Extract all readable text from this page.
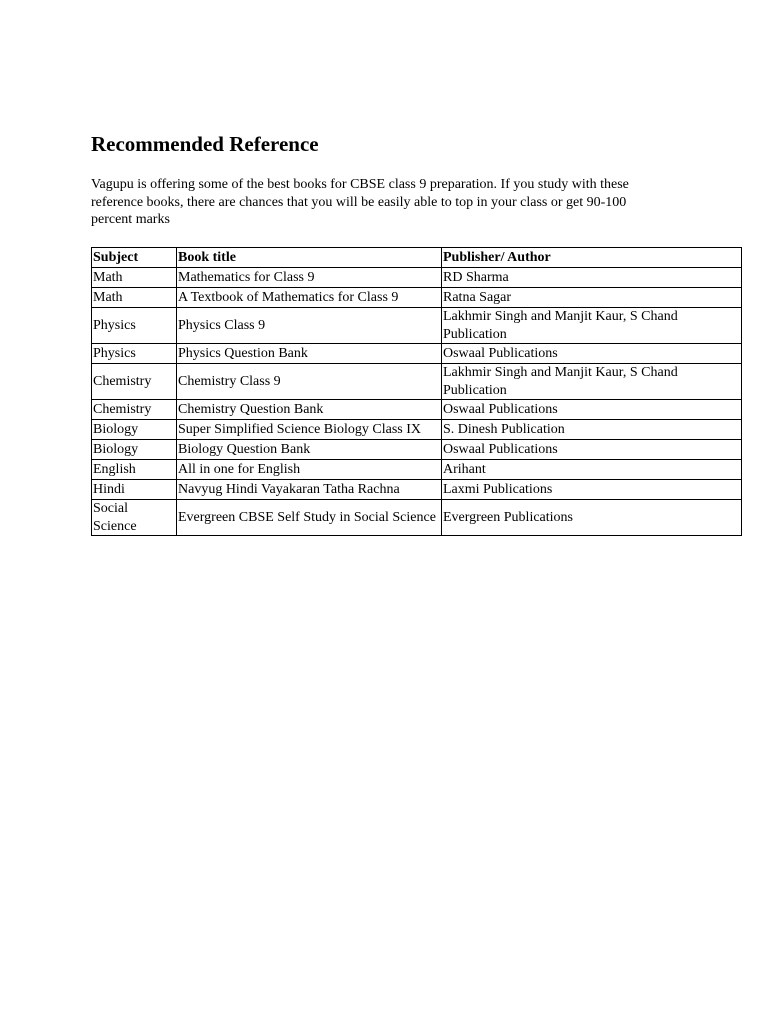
Recommended Reference

Vagupu is offering some of the best books for CBSE class 9 preparation. If you study with these
reference books, there are chances that you will be easily able to top in your class or get 90-100
percent marks

Subject	Book title	Publisher/ Author
Math	Mathematics for Class 9	RD Sharma
Math	A Textbook of Mathematics for Class 9	Ratna Sagar
Physics	Physics Class 9	Lakhmir Singh and Manjit Kaur, S Chand Publication
Physics	Physics Question Bank	Oswaal Publications
Chemistry	Chemistry Class 9	Lakhmir Singh and Manjit Kaur, S Chand Publication
Chemistry	Chemistry Question Bank	Oswaal Publications
Biology	Super Simplified Science Biology Class IX	S. Dinesh Publication
Biology	Biology Question Bank	Oswaal Publications
English	All in one for English	Arihant
Hindi	Navyug Hindi Vayakaran Tatha Rachna	Laxmi Publications
Social Science	Evergreen CBSE Self Study in Social Science	Evergreen Publications
